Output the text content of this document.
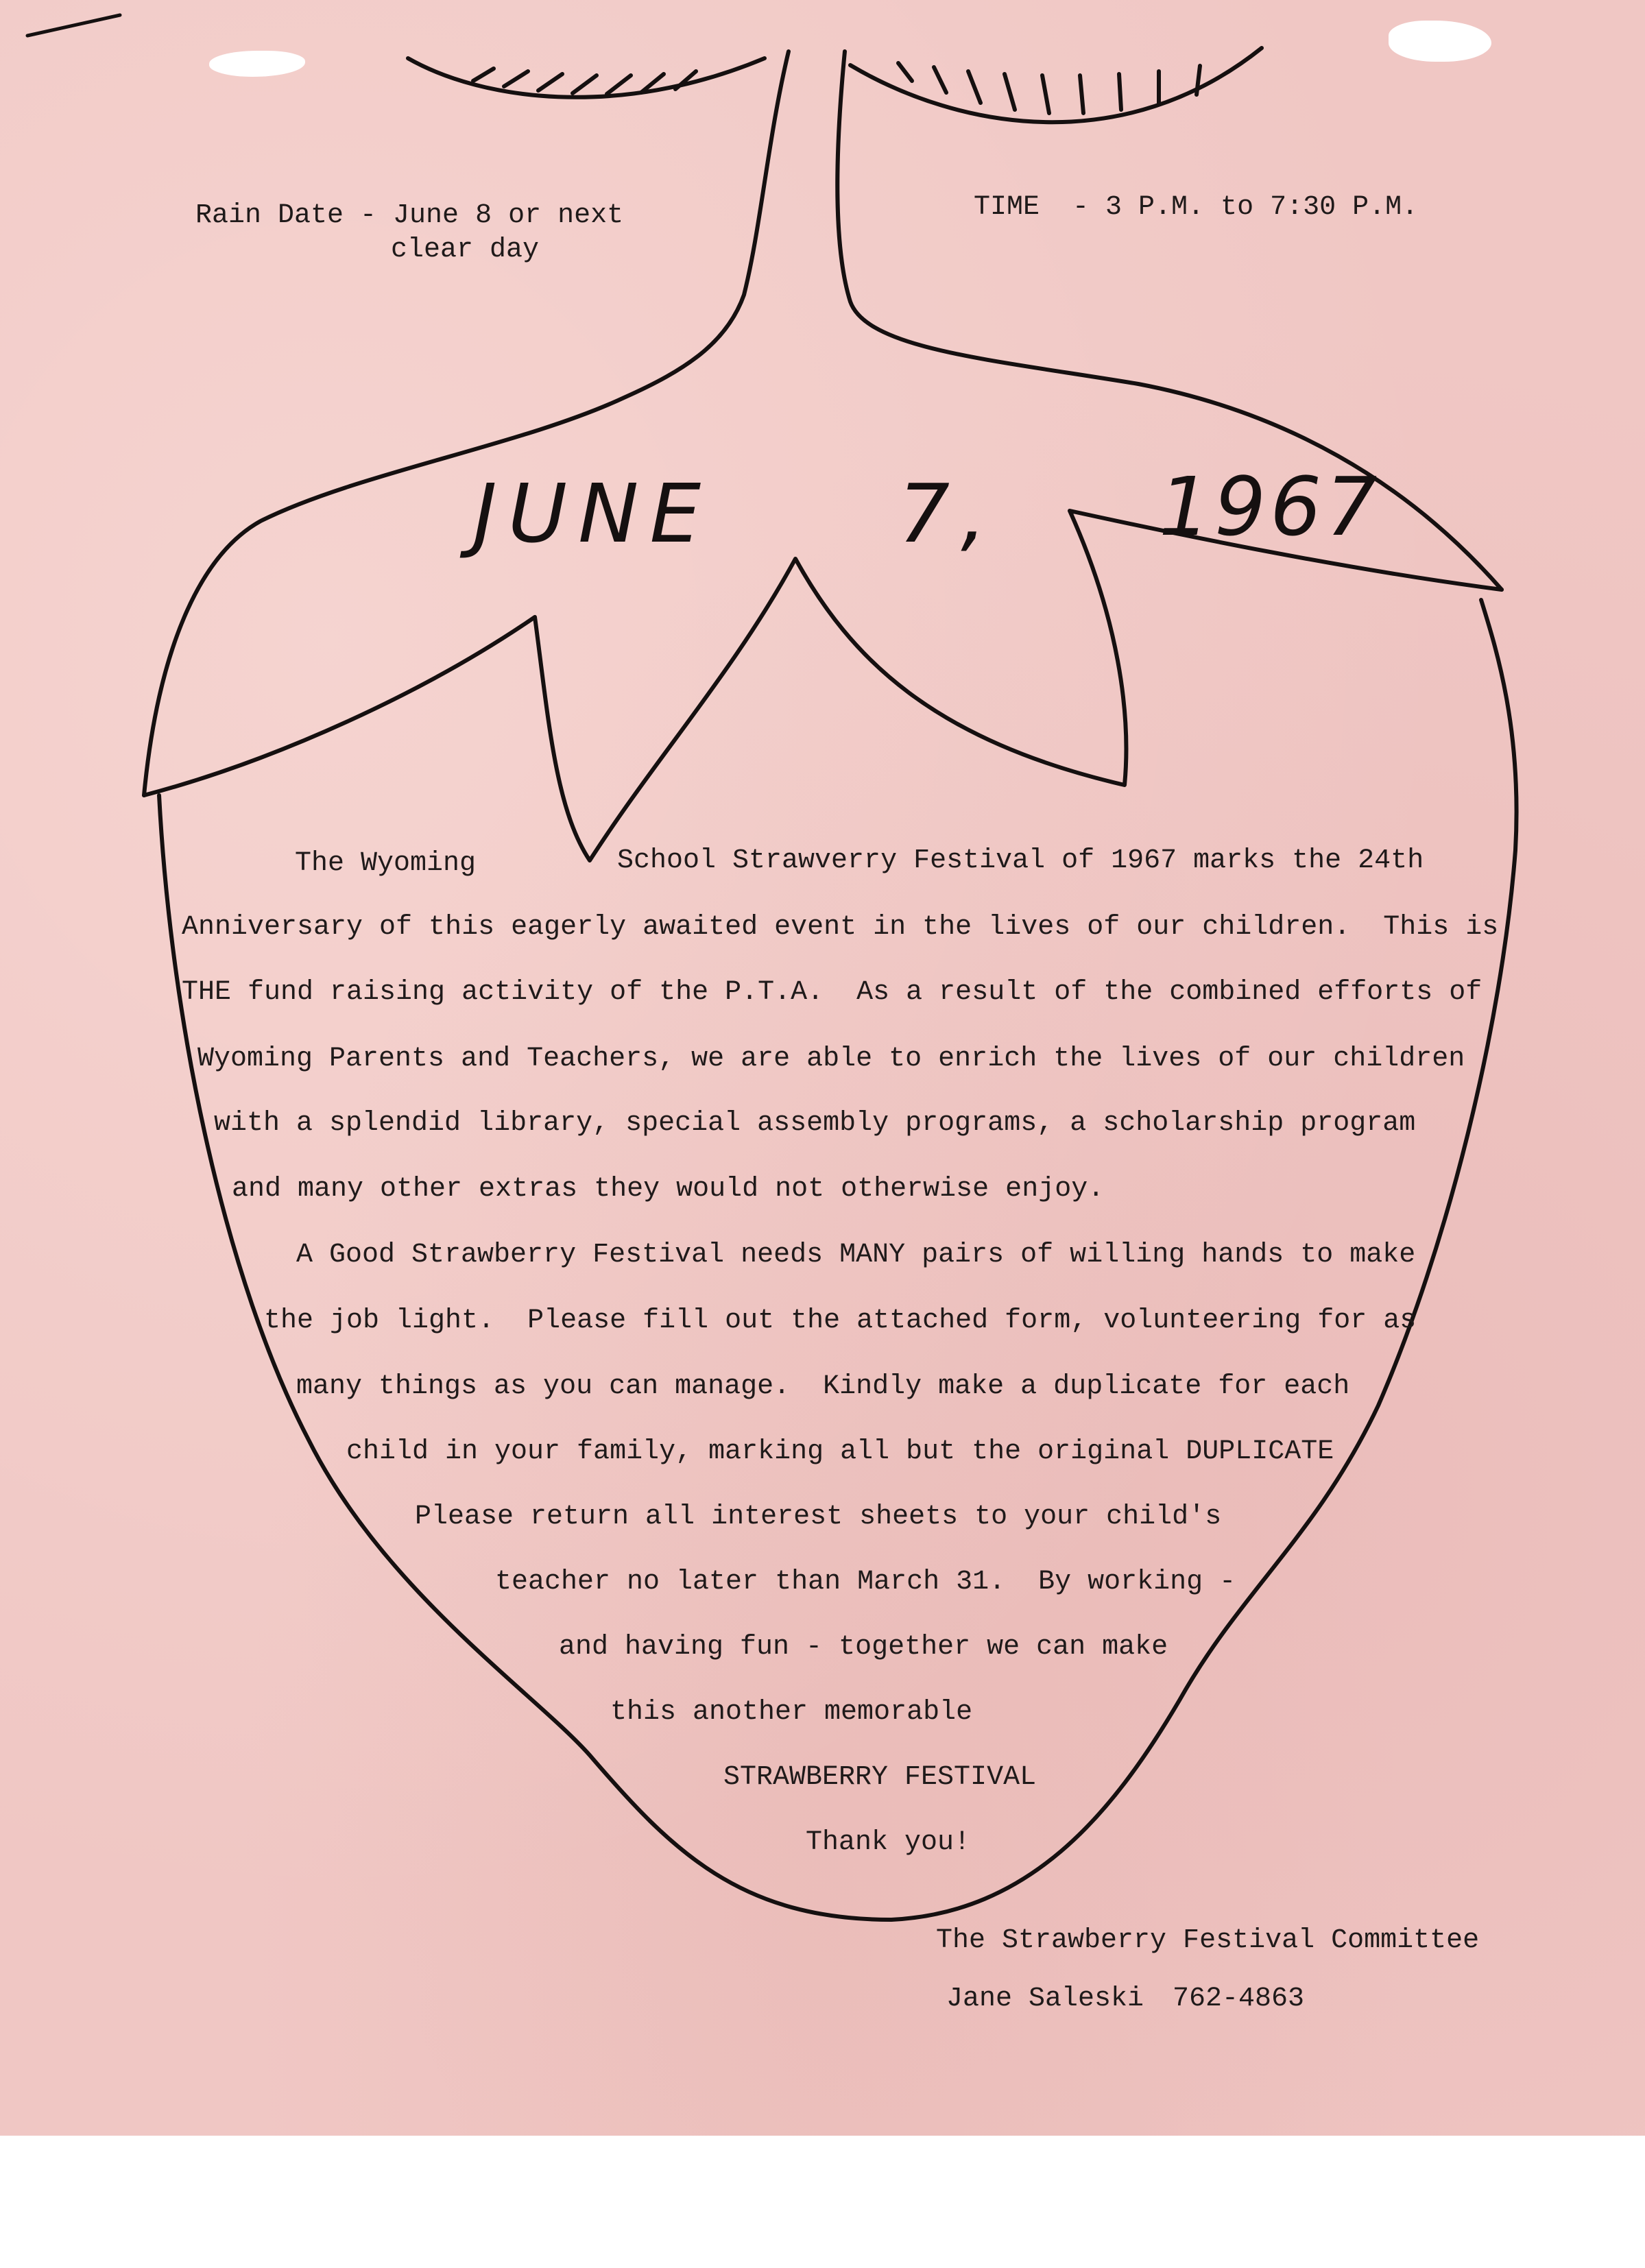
Rain Date - June 8 or next

clear day

TIME  - 3 P.M. to 7:30 P.M.

JUNE 7, 1967

The Wyoming	School Strawverry Festival of 1967 marks the 24th

Anniversary of this eagerly awaited event in the lives of our children.  This is

THE fund raising activity of the P.T.A.  As a result of the combined efforts of

Wyoming Parents and Teachers, we are able to enrich the lives of our children

with a splendid library, special assembly programs, a scholarship program

and many other extras they would not otherwise enjoy.

A Good Strawberry Festival needs MANY pairs of willing hands to make

the job light.  Please fill out the attached form, volunteering for as

many things as you can manage.  Kindly make a duplicate for each

child in your family, marking all but the original DUPLICATE

Please return all interest sheets to your child's

teacher no later than March 31.  By working -

and having fun - together we can make

this another memorable

STRAWBERRY FESTIVAL

Thank you!

The Strawberry Festival Committee

Jane Saleski 762-4863
